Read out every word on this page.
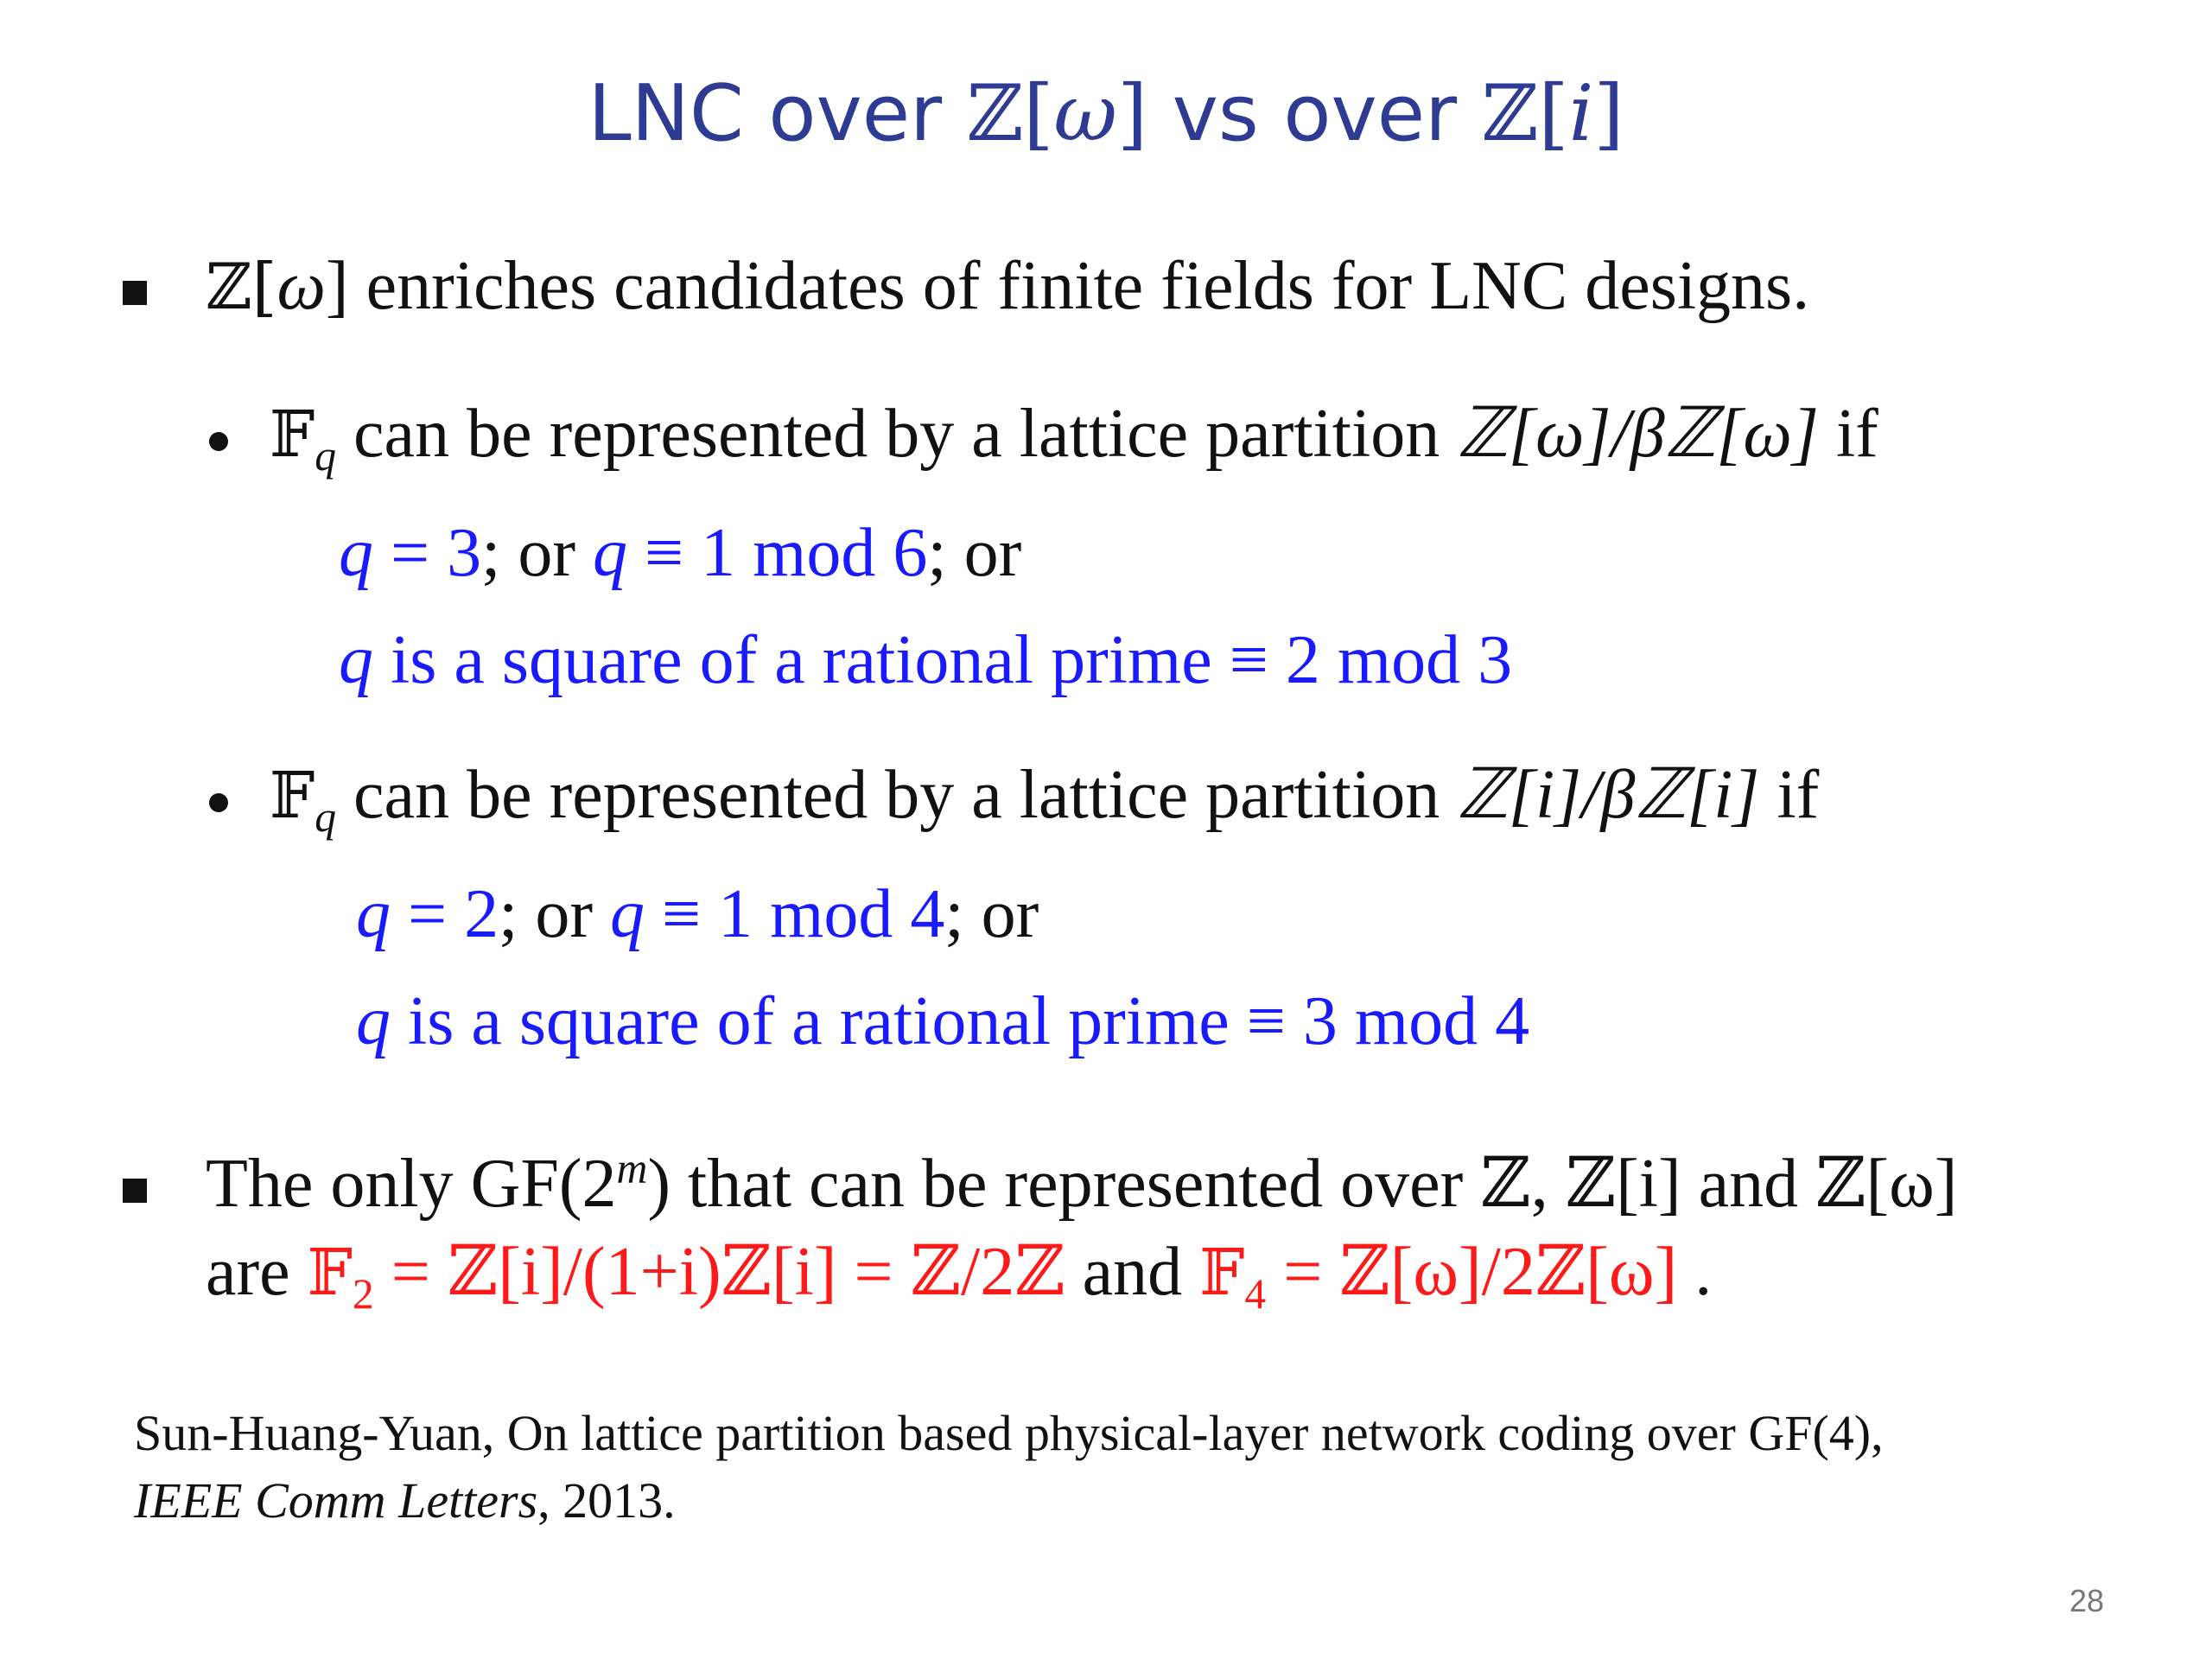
LNC over ℤ[ω] vs over ℤ[i]
ℤ[ω] enriches candidates of finite fields for LNC designs.
𝔽$_q$ can be represented by a lattice partition ℤ[ω]/βℤ[ω] if
q = 3; or q ≡ 1 mod 6; or
q is a square of a rational prime ≡ 2 mod 3
𝔽$_q$ can be represented by a lattice partition ℤ[i]/βℤ[i] if
q = 2; or q ≡ 1 mod 4; or
q is a square of a rational prime ≡ 3 mod 4
The only GF(2$^m$) that can be represented over ℤ, ℤ[i] and ℤ[ω]
are 𝔽$_2$ = ℤ[i]/(1+i)ℤ[i] = ℤ/2ℤ and 𝔽$_4$ = ℤ[ω]/2ℤ[ω] .
Sun-Huang-Yuan, On lattice partition based physical-layer network coding over GF(4),
IEEE Comm Letters, 2013.
28
